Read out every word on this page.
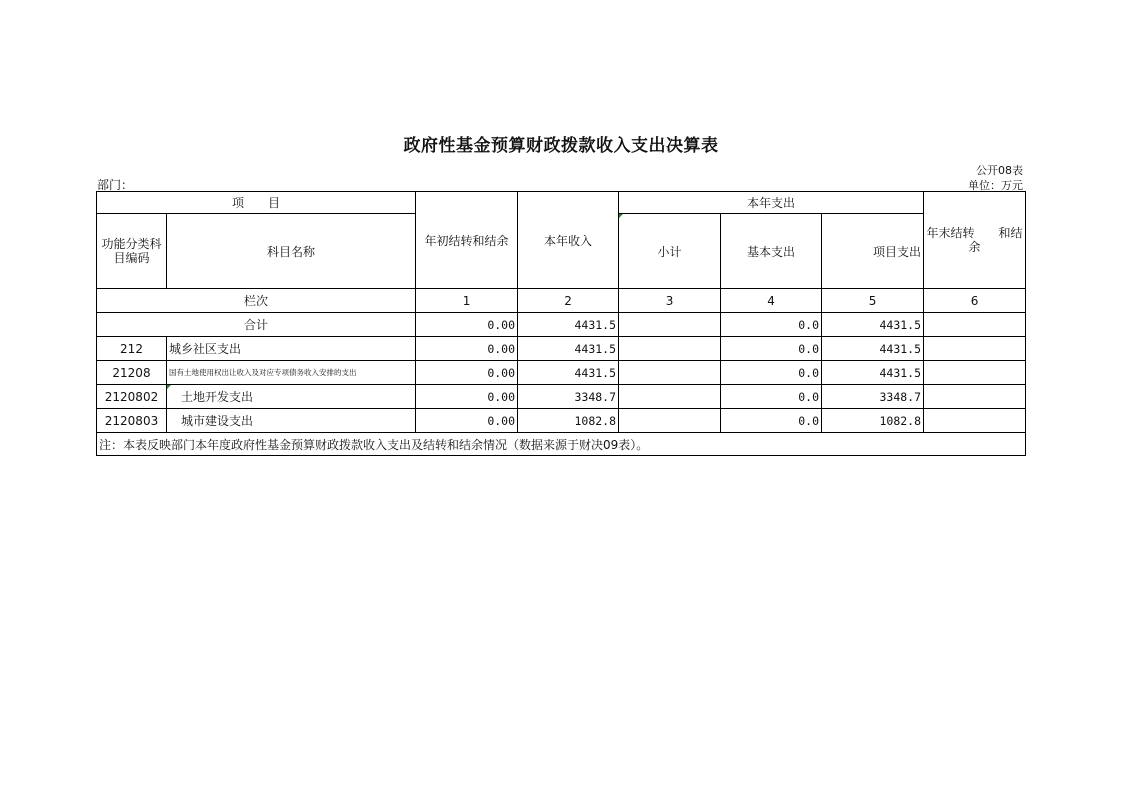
政府性基金预算财政拨款收入支出决算表
公开08表
部门：	单位：万元
项　　目		年初结转和结余	本年收入	本年支出			年末结转　　和结余
功能分类科目编码	科目名称			小计	基本支出	项目支出	
栏次		1	2	3	4	5	6
合计		0.00	4431.5		0.0	4431.5	
212	城乡社区支出	0.00	4431.5		0.0	4431.5	
21208	国有土地使用权出让收入及对应专项债务收入安排的支出	0.00	4431.5		0.0	4431.5	
2120802	土地开发支出	0.00	3348.7		0.0	3348.7	
2120803	城市建设支出	0.00	1082.8		0.0	1082.8	
注：本表反映部门本年度政府性基金预算财政拨款收入支出及结转和结余情况（数据来源于财决09表）。							
